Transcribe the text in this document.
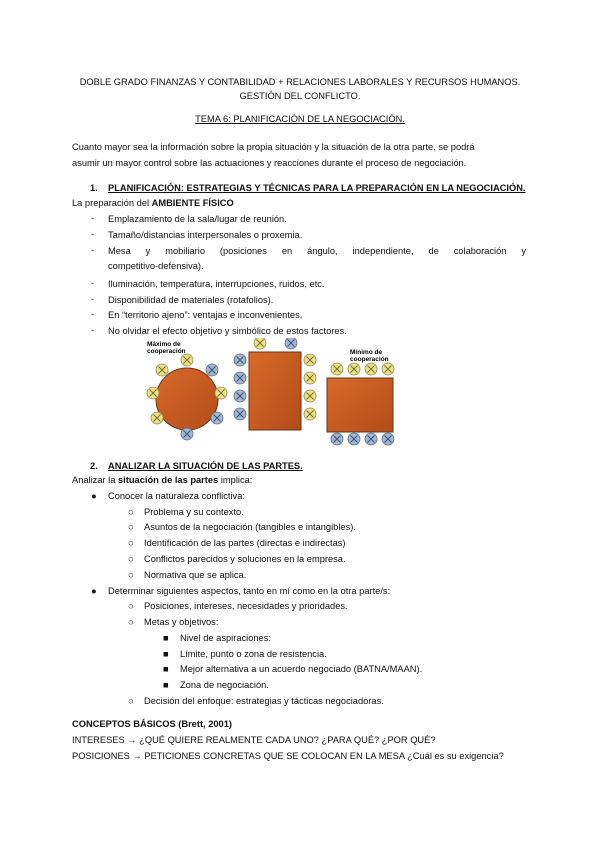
DOBLE GRADO FINANZAS Y CONTABILIDAD + RELACIONES LABORALES Y RECURSOS HUMANOS.
GESTIÓN DEL CONFLICTO.
TEMA 6: PLANIFICACIÓN DE LA NEGOCIACIÓN.
Cuanto mayor sea la información sobre la propia situación y la situación de la otra parte, se podrá
asumir un mayor control sobre las actuaciones y reacciones durante el proceso de negociación.
1. PLANIFICACIÓN: ESTRATEGIAS Y TÉCNICAS PARA LA PREPARACIÓN EN LA NEGOCIACIÓN.
La preparación del AMBIENTE FÍSICO
- Emplazamiento de la sala/lugar de reunión.
- Tamaño/distancias interpersonales o proxemia.
- Mesa y mobiliario (posiciones en ángulo, independiente, de colaboración y
competitivo-defensiva).
- Iluminación, temperatura, interrupciones, ruidos, etc.
- Disponibilidad de materiales (rotafolios).
- En “territorio ajeno”: ventajas e inconvenientes.
- No olvidar el efecto objetivo y simbólico de estos factores.
Máximo de
cooperación	Mínimo de
cooperación
2. ANALIZAR LA SITUACIÓN DE LAS PARTES.
Analizar la situación de las partes implica:
● Conocer la naturaleza conflictiva:
○ Problema y su contexto.
○ Asuntos de la negociación (tangibles e intangibles).
○ Identificación de las partes (directas e indirectas)
○ Conflictos parecidos y soluciones en la empresa.
○ Normativa que se aplica.
● Determinar siguientes aspectos, tanto en mí como en la otra parte/s:
○ Posiciones, intereses, necesidades y prioridades.
○ Metas y objetivos:
■ Nivel de aspiraciones:
■ Límite, punto o zona de resistencia.
■ Mejor alternativa a un acuerdo negociado (BATNA/MAAN).
■ Zona de negociación.
○ Decisión del enfoque: estrategias y tácticas negociadoras.
CONCEPTOS BÁSICOS (Brett, 2001)
INTERESES → ¿QUÉ QUIERE REALMENTE CADA UNO? ¿PARA QUÉ? ¿POR QUÉ?
POSICIONES → PETICIONES CONCRETAS QUE SE COLOCAN EN LA MESA ¿Cuál es su exigencia?
